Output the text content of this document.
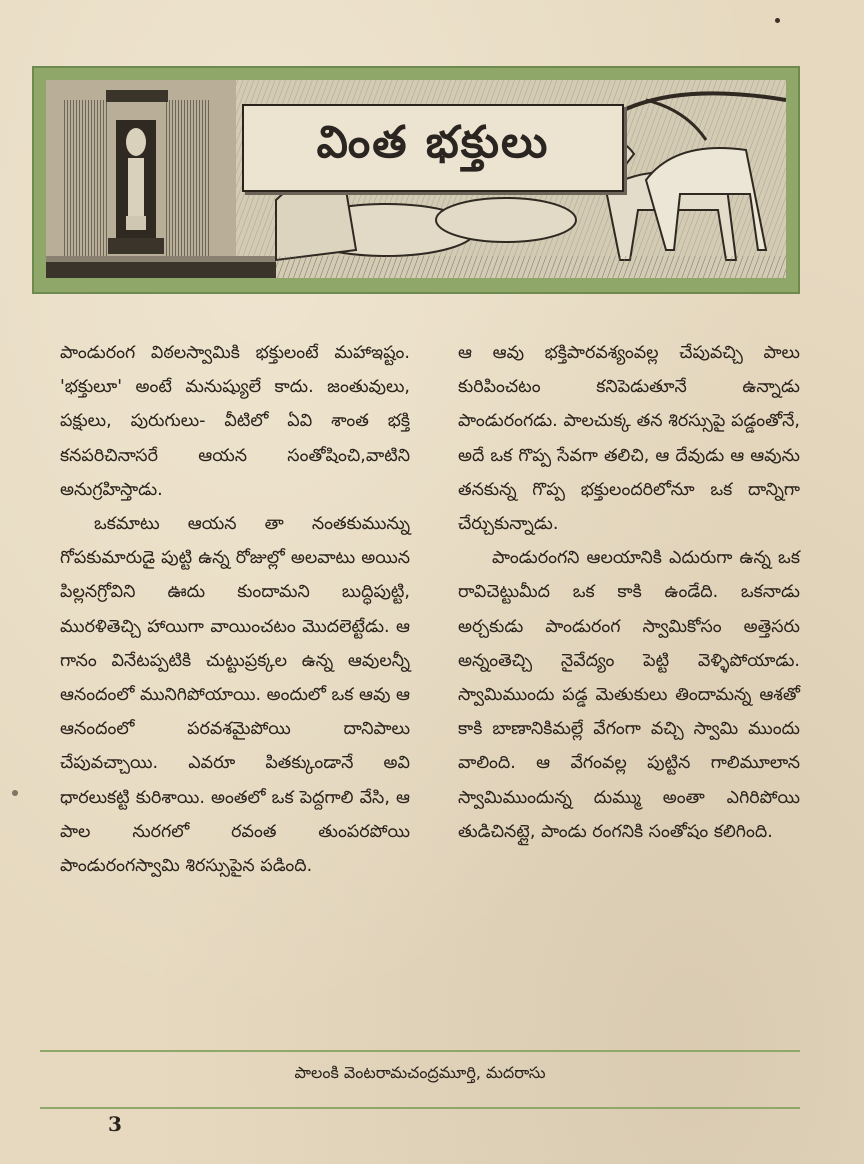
వింత భక్తులు

పాండురంగ విఠలస్వామికి భక్తులంటే మహాఇష్టం. 'భక్తులూ' అంటే మనుష్యులే కాదు. జంతువులు, పక్షులు, పురుగులు- వీటిలో ఏవి శాంత భక్తి కనపరిచినాసరే ఆయన సంతోషించి,వాటిని అనుగ్రహిస్తాడు.

ఒకమాటు ఆయన తా నంతకుమున్ను గోపకుమారుడై పుట్టి ఉన్న రోజుల్లో అలవాటు అయిన పిల్లనగ్రోవిని ఊదు కుందామని బుద్ధిపుట్టి, మురళితెచ్చి హాయిగా వాయించటం మొదలెట్టేడు. ఆ గానం వినేటప్పటికి చుట్టుప్రక్కల ఉన్న ఆవులన్నీ ఆనందంలో మునిగిపోయాయి. అందులో ఒక ఆవు ఆ ఆనందంలో పరవశమైపోయి దానిపాలు చేపువచ్చాయి. ఎవరూ పితక్కుండానే అవి ధారలుకట్టి కురిశాయి. అంతలో ఒక పెద్దగాలి వేసి, ఆ పాల నురగలో రవంత తుంపరపోయి పాండురంగస్వామి శిరస్సుపైన పడింది.

ఆ ఆవు భక్తిపారవశ్యంవల్ల చేపువచ్చి పాలు కురిపించటం కనిపెడుతూనే ఉన్నాడు పాండురంగడు. పాలచుక్క తన శిరస్సుపై పడ్డంతోనే, అదే ఒక గొప్ప సేవగా తలిచి, ఆ దేవుడు ఆ ఆవును తనకున్న గొప్ప భక్తులందరిలోనూ ఒక దాన్నిగా చేర్చుకున్నాడు.

పాండురంగని ఆలయానికి ఎదురుగా ఉన్న ఒక రావిచెట్టుమీద ఒక కాకి ఉండేది. ఒకనాడు అర్చకుడు పాండురంగ స్వామికోసం అత్తెసరు అన్నంతెచ్చి నైవేద్యం పెట్టి వెళ్ళిపోయాడు. స్వామిముందు పడ్డ మెతుకులు తిందామన్న ఆశతో కాకి బాణానికిమల్లే వేగంగా వచ్చి స్వామి ముందు వాలింది. ఆ వేగంవల్ల పుట్టిన గాలిమూలాన స్వామిముందున్న దుమ్ము అంతా ఎగిరిపోయి తుడిచినట్లై, పాండు రంగనికి సంతోషం కలిగింది.

పాలంకి వెంటరామచంద్రమూర్తి, మదరాసు
3
